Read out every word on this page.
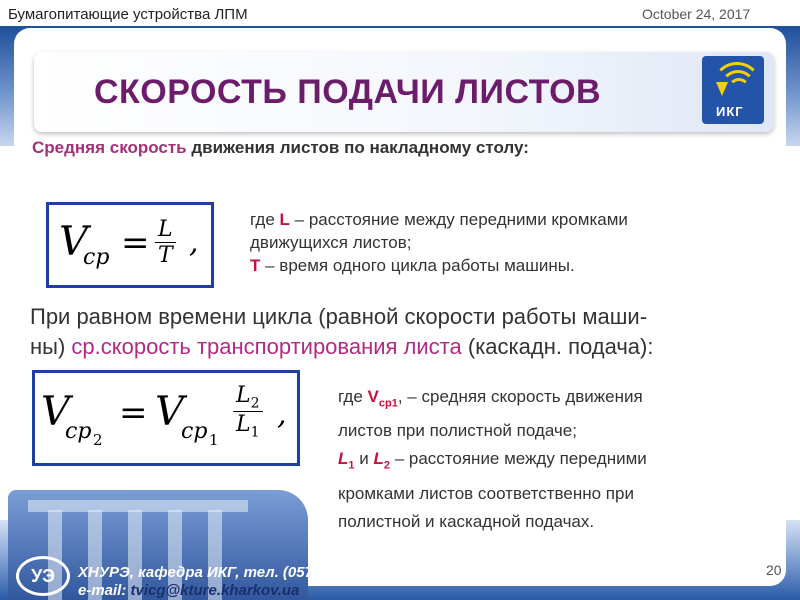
Бумагопитающие устройства ЛПМ	October 24, 2017
СКОРОСТЬ ПОДАЧИ ЛИСТОВ
ИКГ
Средняя скорость движения листов по накладному столу:
V
ср = $\frac{L}{T}$ ,
где L – расстояние между передними кромками
движущихся листов;
T – время одного цикла работы машины.
При равном времени цикла (равной скорости работы маши-
ны) ср.скорость транспортирования листа (каскадн. подача):
V
ср 2
= V
ср $1 \frac{L_2}{L_1}$ ,
где $V_{ср1}$, – средняя скорость движения
листов при полистной подаче;
$L_1$ и $L_2$ – расстояние между передними
кромками листов соответственно при
полистной и каскадной подачах.
УЭ	ХНУРЭ, кафедра ИКГ, тел. (057) 702-13-78,
e-mail: tvicg@kture.kharkov.ua
20
